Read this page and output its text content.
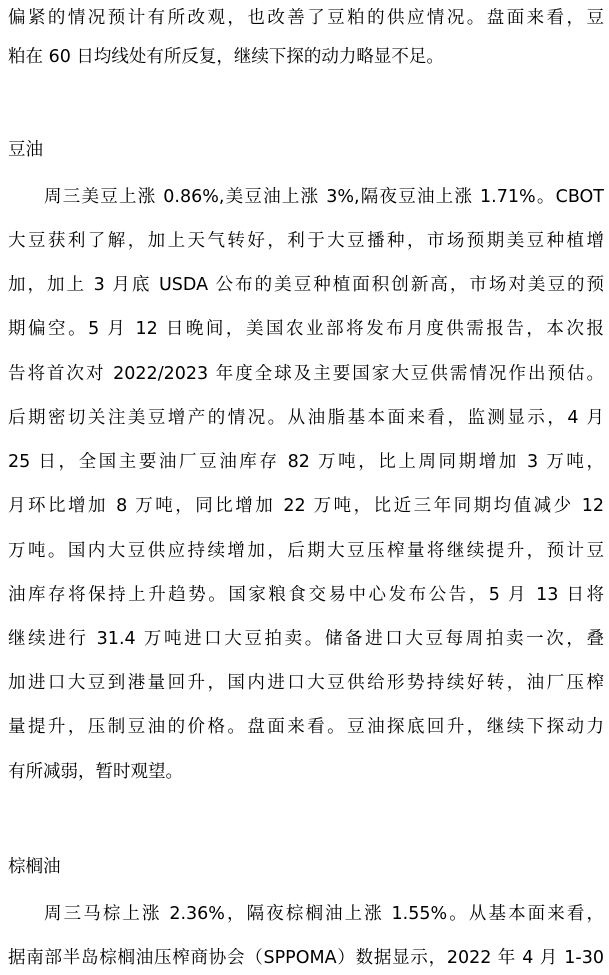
偏紧的情况预计有所改观，也改善了豆粕的供应情况。盘面来看，豆
粕在 60 日均线处有所反复，继续下探的动力略显不足。
豆油
周三美豆上涨 0.86%,美豆油上涨 3%,隔夜豆油上涨 1.71%。CBOT
大豆获利了解，加上天气转好，利于大豆播种，市场预期美豆种植增
加，加上 3 月底 USDA 公布的美豆种植面积创新高，市场对美豆的预
期偏空。5 月 12 日晚间，美国农业部将发布月度供需报告，本次报
告将首次对 2022/2023 年度全球及主要国家大豆供需情况作出预估。
后期密切关注美豆增产的情况。从油脂基本面来看，监测显示，4 月
25 日，全国主要油厂豆油库存 82 万吨，比上周同期增加 3 万吨，
月环比增加 8 万吨，同比增加 22 万吨，比近三年同期均值减少 12
万吨。国内大豆供应持续增加，后期大豆压榨量将继续提升，预计豆
油库存将保持上升趋势。国家粮食交易中心发布公告，5 月 13 日将
继续进行 31.4 万吨进口大豆拍卖。储备进口大豆每周拍卖一次，叠
加进口大豆到港量回升，国内进口大豆供给形势持续好转，油厂压榨
量提升，压制豆油的价格。盘面来看。豆油探底回升，继续下探动力
有所减弱，暂时观望。
棕榈油
周三马棕上涨 2.36%，隔夜棕榈油上涨 1.55%。从基本面来看，
据南部半岛棕榈油压榨商协会（SPPOMA）数据显示，2022 年 4 月 1-30
